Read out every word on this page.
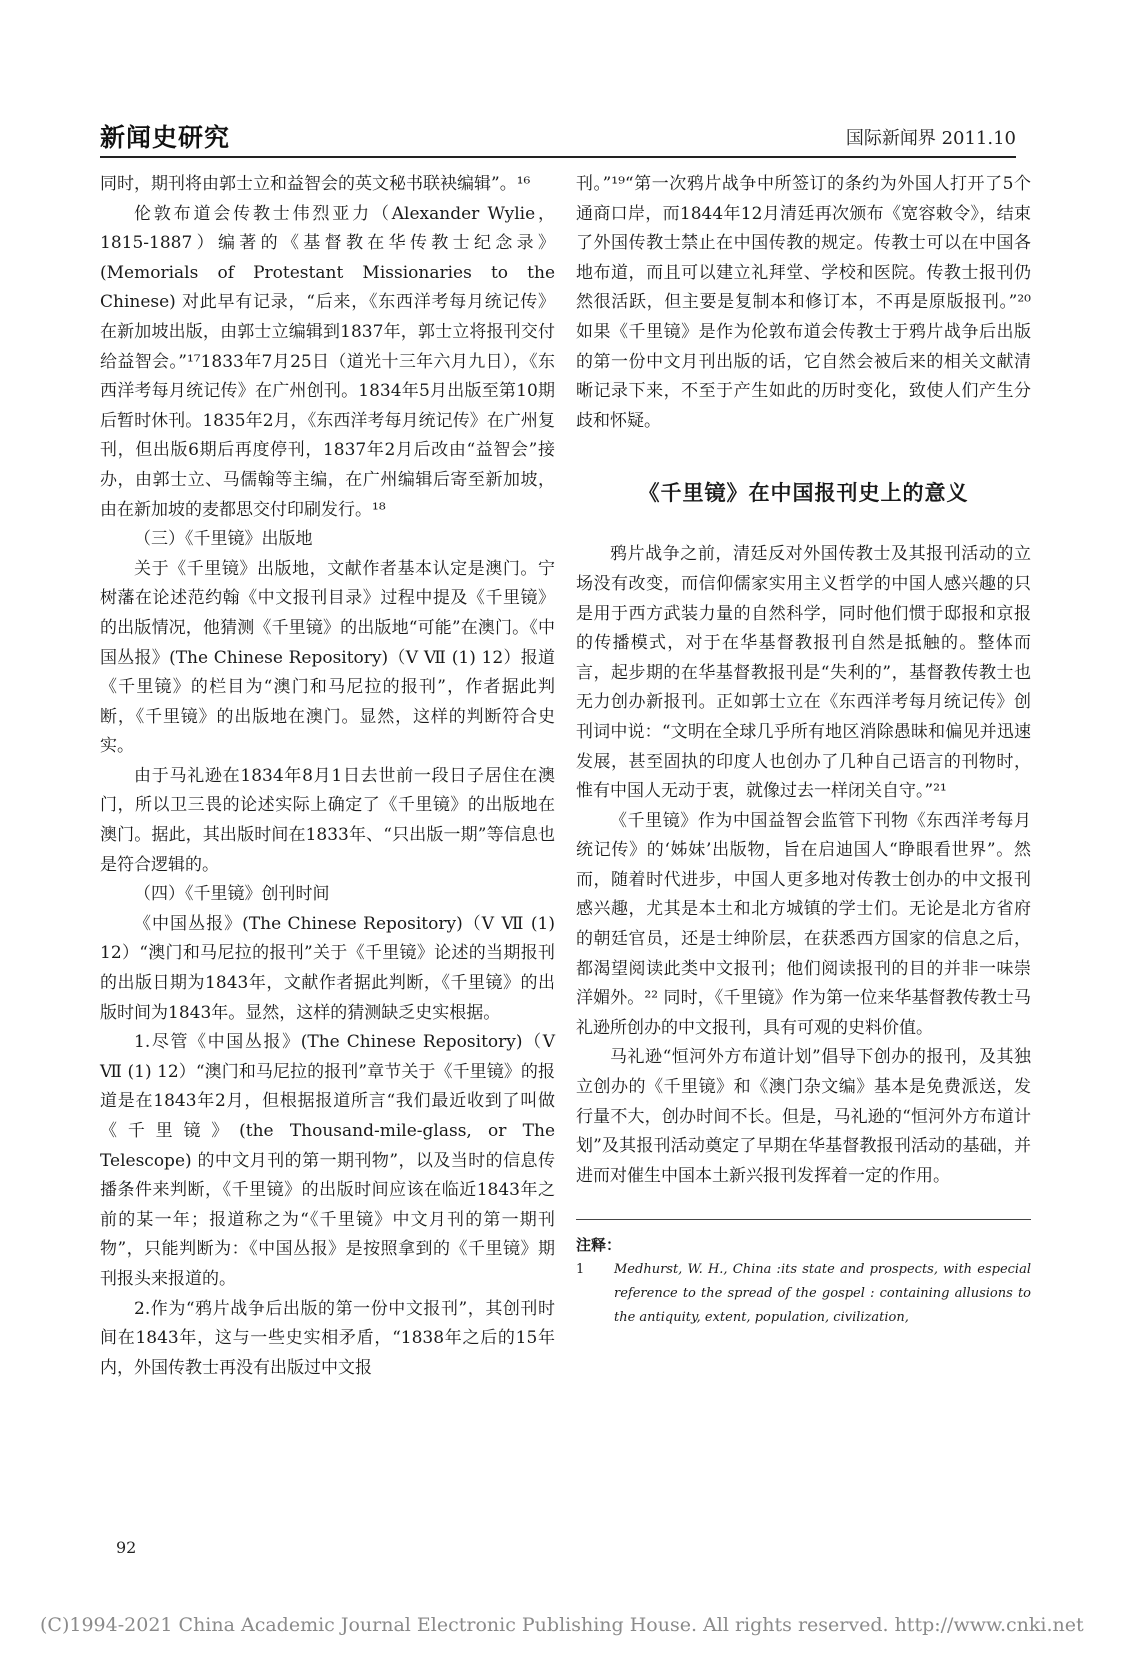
新闻史研究	国际新闻界 2011.10

同时，期刊将由郭士立和益智会的英文秘书联袂编辑”。¹⁶

伦敦布道会传教士伟烈亚力（Alexander Wylie，1815-1887）编著的《基督教在华传教士纪念录》(Memorials of Protestant Missionaries to the Chinese) 对此早有记录，“后来，《东西洋考每月统记传》在新加坡出版，由郭士立编辑到1837年，郭士立将报刊交付给益智会。”¹⁷1833年7月25日（道光十三年六月九日），《东西洋考每月统记传》在广州创刊。1834年5月出版至第10期后暂时休刊。1835年2月，《东西洋考每月统记传》在广州复刊，但出版6期后再度停刊，1837年2月后改由“益智会”接办，由郭士立、马儒翰等主编，在广州编辑后寄至新加坡，由在新加坡的麦都思交付印刷发行。¹⁸

（三）《千里镜》出版地

关于《千里镜》出版地，文献作者基本认定是澳门。宁树藩在论述范约翰《中文报刊目录》过程中提及《千里镜》的出版情况，他猜测《千里镜》的出版地“可能”在澳门。《中国丛报》(The Chinese Repository)（Ⅴ Ⅶ (1) 12）报道《千里镜》的栏目为“澳门和马尼拉的报刊”，作者据此判断，《千里镜》的出版地在澳门。显然，这样的判断符合史实。

由于马礼逊在1834年8月1日去世前一段日子居住在澳门，所以卫三畏的论述实际上确定了《千里镜》的出版地在澳门。据此，其出版时间在1833年、“只出版一期”等信息也是符合逻辑的。

（四）《千里镜》创刊时间

《中国丛报》(The Chinese Repository)（Ⅴ Ⅶ (1) 12）“澳门和马尼拉的报刊”关于《千里镜》论述的当期报刊的出版日期为1843年，文献作者据此判断，《千里镜》的出版时间为1843年。显然，这样的猜测缺乏史实根据。

1.尽管《中国丛报》(The Chinese Repository)（Ⅴ Ⅶ (1) 12）“澳门和马尼拉的报刊”章节关于《千里镜》的报道是在1843年2月，但根据报道所言“我们最近收到了叫做《千里镜》(the Thousand-mile-glass, or The Telescope) 的中文月刊的第一期刊物”，以及当时的信息传播条件来判断，《千里镜》的出版时间应该在临近1843年之前的某一年；报道称之为“《千里镜》中文月刊的第一期刊物”，只能判断为：《中国丛报》是按照拿到的《千里镜》期刊报头来报道的。

2.作为“鸦片战争后出版的第一份中文报刊”，其创刊时间在1843年，这与一些史实相矛盾，“1838年之后的15年内，外国传教士再没有出版过中文报

刊。”¹⁹“第一次鸦片战争中所签订的条约为外国人打开了5个通商口岸，而1844年12月清廷再次颁布《宽容敕令》，结束了外国传教士禁止在中国传教的规定。传教士可以在中国各地布道，而且可以建立礼拜堂、学校和医院。传教士报刊仍然很活跃，但主要是复制本和修订本，不再是原版报刊。”²⁰ 如果《千里镜》是作为伦敦布道会传教士于鸦片战争后出版的第一份中文月刊出版的话，它自然会被后来的相关文献清晰记录下来，不至于产生如此的历时变化，致使人们产生分歧和怀疑。

《千里镜》在中国报刊史上的意义

鸦片战争之前，清廷反对外国传教士及其报刊活动的立场没有改变，而信仰儒家实用主义哲学的中国人感兴趣的只是用于西方武装力量的自然科学，同时他们惯于邸报和京报的传播模式，对于在华基督教报刊自然是抵触的。整体而言，起步期的在华基督教报刊是“失利的”，基督教传教士也无力创办新报刊。正如郭士立在《东西洋考每月统记传》创刊词中说：“文明在全球几乎所有地区消除愚昧和偏见并迅速发展，甚至固执的印度人也创办了几种自己语言的刊物时，惟有中国人无动于衷，就像过去一样闭关自守。”²¹

《千里镜》作为中国益智会监管下刊物《东西洋考每月统记传》的‘姊妹’出版物，旨在启迪国人“睁眼看世界”。然而，随着时代进步，中国人更多地对传教士创办的中文报刊感兴趣，尤其是本土和北方城镇的学士们。无论是北方省府的朝廷官员，还是士绅阶层，在获悉西方国家的信息之后，都渴望阅读此类中文报刊；他们阅读报刊的目的并非一味崇洋媚外。²² 同时，《千里镜》作为第一位来华基督教传教士马礼逊所创办的中文报刊，具有可观的史料价值。

马礼逊“恒河外方布道计划”倡导下创办的报刊，及其独立创办的《千里镜》和《澳门杂文编》基本是免费派送，发行量不大，创办时间不长。但是，马礼逊的“恒河外方布道计划”及其报刊活动奠定了早期在华基督教报刊活动的基础，并进而对催生中国本土新兴报刊发挥着一定的作用。

注释：
1	Medhurst, W. H., China :its state and prospects, with especial reference to the spread of the gospel : containing allusions to the antiquity, extent, population, civilization,
92
(C)1994-2021 China Academic Journal Electronic Publishing House. All rights reserved. http://www.cnki.net
